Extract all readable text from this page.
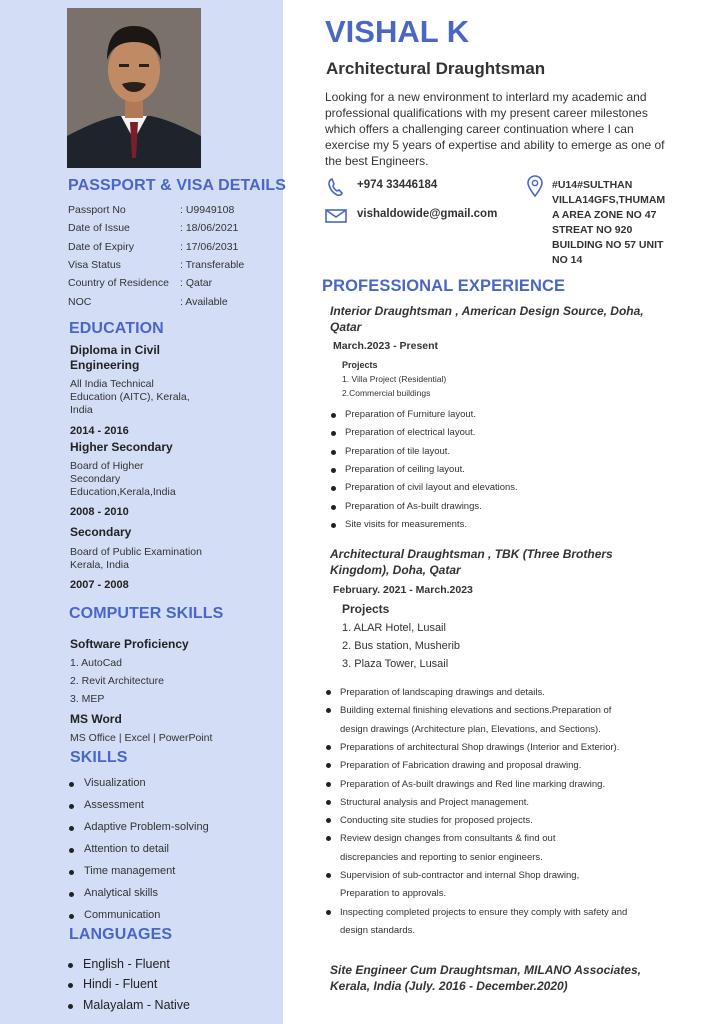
PASSPORT & VISA DETAILS
Passport No	: U9949108
Date of Issue	: 18/06/2021
Date of Expiry	: 17/06/2031
Visa Status	: Transferable
Country of Residence : Qatar
NOC	: Available
EDUCATION
Diploma in Civil Engineering
All India Technical Education (AITC), Kerala, India
2014 - 2016
Higher Secondary
Board of Higher Secondary Education,Kerala,India
2008 - 2010
Secondary
Board of Public Examination Kerala, India
2007 - 2008
COMPUTER SKILLS
Software Proficiency
1. AutoCad
2. Revit Architecture
3. MEP
MS Word
MS Office | Excel | PowerPoint
SKILLS
Visualization
Assessment
Adaptive Problem-solving
Attention to detail
Time management
Analytical skills
Communication
LANGUAGES
English - Fluent
Hindi - Fluent
Malayalam - Native
VISHAL K
Architectural Draughtsman
Looking for a new environment to interlard my academic and professional qualifications with my present career milestones which offers a challenging career continuation where I can exercise my 5 years of expertise and ability to emerge as one of the best Engineers.
+974 33446184
vishaldowide@gmail.com
#U14#SULTHAN
VILLA14GFS,THUMAM
A AREA ZONE NO 47
STREAT NO 920
BUILDING NO 57 UNIT
NO 14
PROFESSIONAL EXPERIENCE
Interior Draughtsman , American Design Source, Doha, Qatar
March.2023 - Present
Projects
1. Villa Project (Residential)
2.Commercial buildings
Preparation of Furniture layout.
Preparation of electrical layout.
Preparation of tile layout.
Preparation of ceiling layout.
Preparation of civil layout and elevations.
Preparation of As-built drawings.
Site visits for measurements.
Architectural Draughtsman , TBK (Three Brothers Kingdom), Doha, Qatar
February. 2021 - March.2023
Projects
1. ALAR Hotel, Lusail
2. Bus station, Musherib
3. Plaza Tower, Lusail
Preparation of landscaping drawings and details.
Building external finishing elevations and sections.Preparation of
design drawings (Architecture plan, Elevations, and Sections).
Preparations of architectural Shop drawings (Interior and Exterior).
Preparation of Fabrication drawing and proposal drawing.
Preparation of As-built drawings and Red line marking drawing.
Structural analysis and Project management.
Conducting site studies for proposed projects.
Review design changes from consultants & find out
discrepancies and reporting to senior engineers.
Supervision of sub-contractor and internal Shop drawing,
Preparation to approvals.
Inspecting completed projects to ensure they comply with safety and
design standards.
Site Engineer Cum Draughtsman, MILANO Associates, Kerala, India (July. 2016 - December.2020)
